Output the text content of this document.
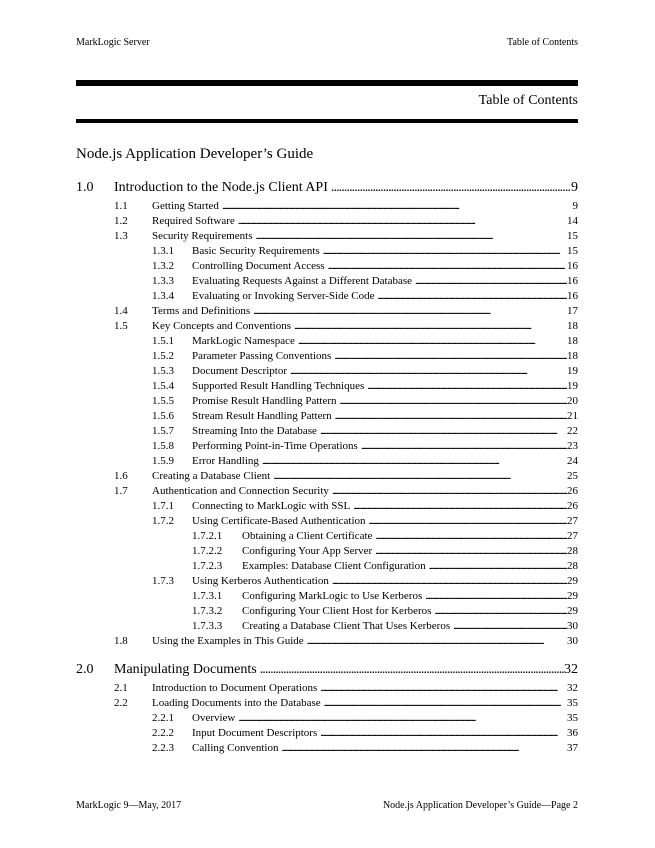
MarkLogic Server	Table of Contents
Table of Contents
Node.js Application Developer’s Guide
1.0	Introduction to the Node.js Client API . . .	9
1.1	Getting Started . . .	9
1.2	Required Software . . .	14
1.3	Security Requirements . . .	15
1.3.1	Basic Security Requirements . . .	15
1.3.2	Controlling Document Access . . .	16
1.3.3	Evaluating Requests Against a Different Database . . .	16
1.3.4	Evaluating or Invoking Server-Side Code . . .	16
1.4	Terms and Definitions . . .	17
1.5	Key Concepts and Conventions . . .	18
1.5.1	MarkLogic Namespace . . .	18
1.5.2	Parameter Passing Conventions . . .	18
1.5.3	Document Descriptor . . .	19
1.5.4	Supported Result Handling Techniques . . .	19
1.5.5	Promise Result Handling Pattern . . .	20
1.5.6	Stream Result Handling Pattern . . .	21
1.5.7	Streaming Into the Database . . .	22
1.5.8	Performing Point-in-Time Operations . . .	23
1.5.9	Error Handling . . .	24
1.6	Creating a Database Client . . .	25
1.7	Authentication and Connection Security . . .	26
1.7.1	Connecting to MarkLogic with SSL . . .	26
1.7.2	Using Certificate-Based Authentication . . .	27
1.7.2.1	Obtaining a Client Certificate . . .	27
1.7.2.2	Configuring Your App Server . . .	28
1.7.2.3	Examples: Database Client Configuration . . .	28
1.7.3	Using Kerberos Authentication . . .	29
1.7.3.1	Configuring MarkLogic to Use Kerberos . . .	29
1.7.3.2	Configuring Your Client Host for Kerberos . . .	29
1.7.3.3	Creating a Database Client That Uses Kerberos . . .	30
1.8	Using the Examples in This Guide . . .	30
2.0	Manipulating Documents . . .	32
2.1	Introduction to Document Operations . . .	32
2.2	Loading Documents into the Database . . .	35
2.2.1	Overview . . .	35
2.2.2	Input Document Descriptors . . .	36
2.2.3	Calling Convention . . .	37
MarkLogic 9—May, 2017	Node.js Application Developer’s Guide—Page 2
